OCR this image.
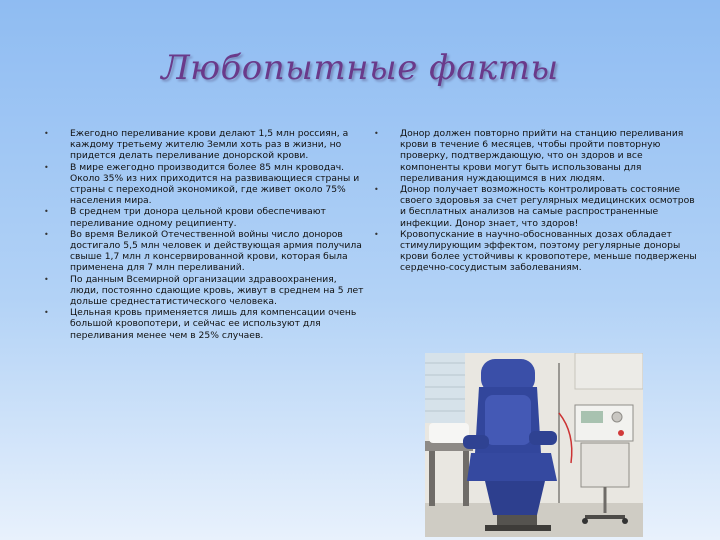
Любопытные факты
• Ежегодно переливание крови делают 1,5 млн россиян, а каждому третьему жителю Земли хоть раз в жизни, но придется делать переливание донорской крови.
• В мире ежегодно производится более 85 млн кроводач. Около 35% из них приходится на развивающиеся страны и страны с переходной экономикой, где живет около 75% населения мира.
• В среднем три донора цельной крови обеспечивают переливание одному реципиенту.
• Во время Великой Отечественной войны число доноров достигало 5,5 млн человек и действующая армия получила свыше 1,7 млн л консервированной крови, которая была применена для 7 млн переливаний.
• По данным Всемирной организации здравоохранения, люди, постоянно сдающие кровь, живут в среднем на 5 лет дольше среднестатистического человека.
• Цельная кровь применяется лишь для компенсации очень большой кровопотери, и сейчас ее используют для переливания менее чем в 25% случаев.
• Донор должен повторно прийти на станцию переливания крови в течение 6 месяцев, чтобы пройти повторную проверку, подтверждающую, что он здоров и все компоненты крови могут быть использованы для переливания нуждающимся в них людям.
• Донор получает возможность контролировать состояние своего здоровья за счет регулярных медицинских осмотров и бесплатных анализов на самые распространенные инфекции. Донор знает, что здоров!
• Кровопускание в научно-обоснованных дозах обладает стимулирующим эффектом, поэтому регулярные доноры крови более устойчивы к кровопотере, меньше подвержены сердечно-сосудистым заболеваниям.
